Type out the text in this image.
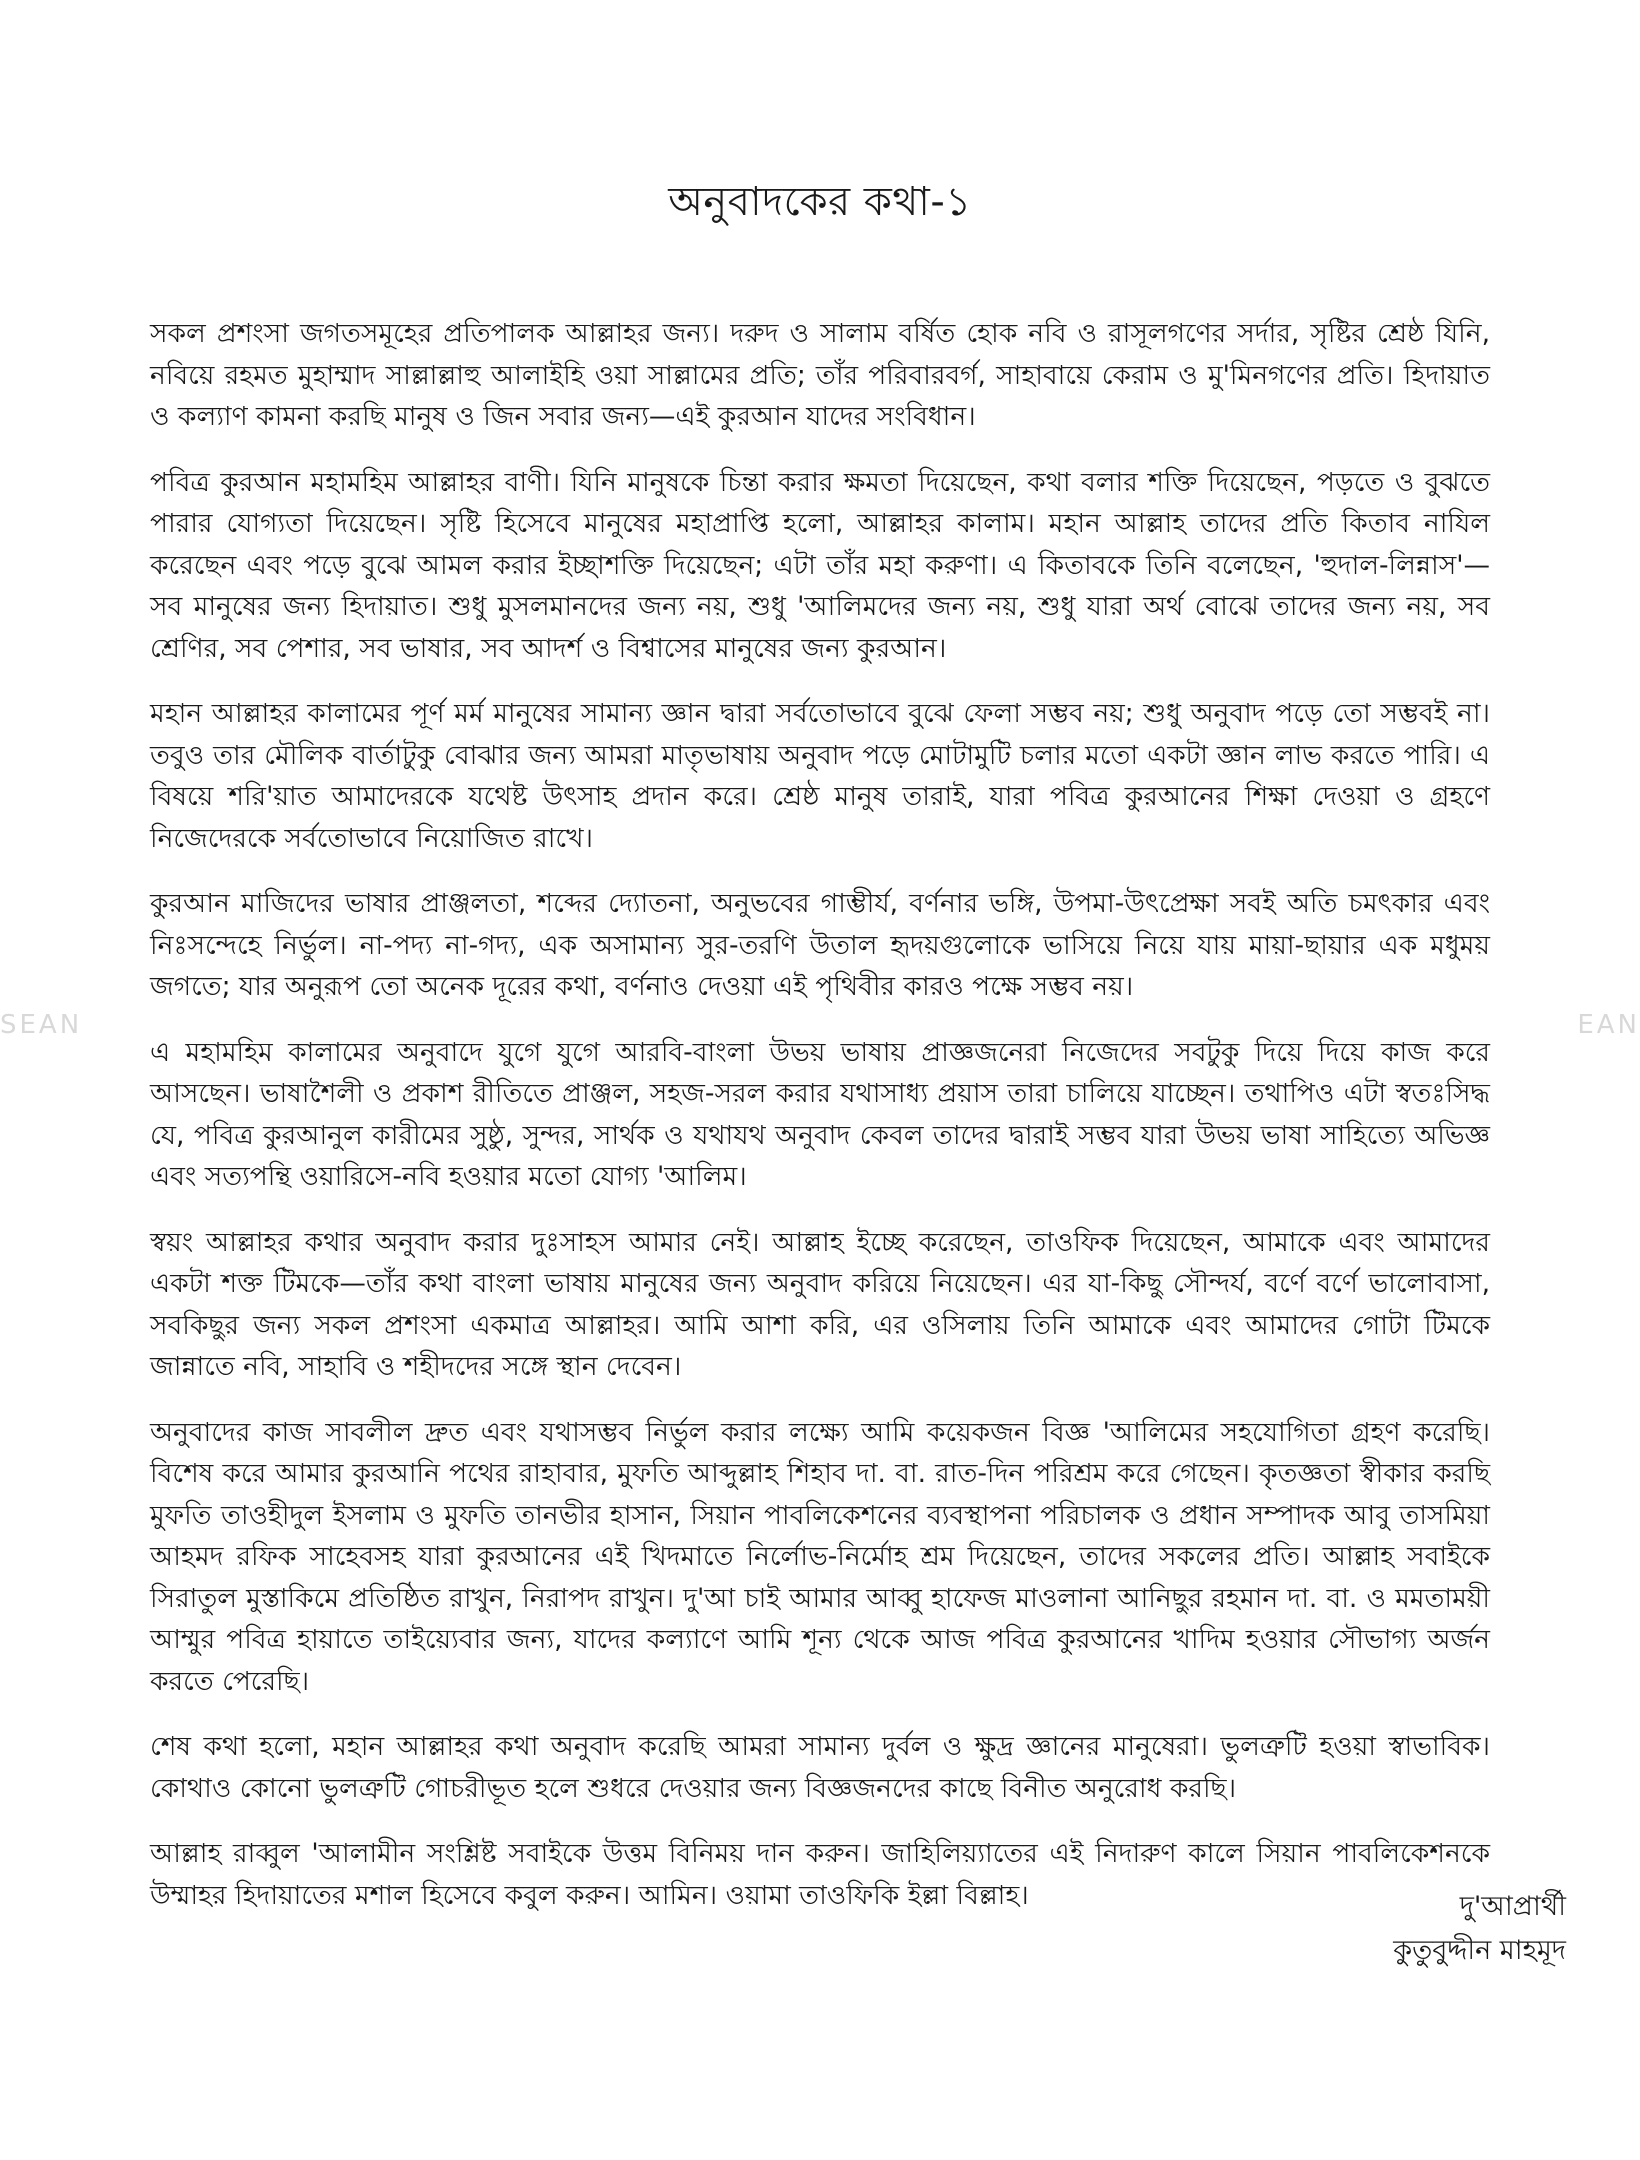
SEAN	EAN
অনুবাদকের কথা-১

সকল প্রশংসা জগতসমূহের প্রতিপালক আল্লাহর জন্য। দরুদ ও সালাম বর্ষিত হোক নবি ও রাসূলগণের সর্দার, সৃষ্টির শ্রেষ্ঠ যিনি, নবিয়ে রহমত মুহাম্মাদ সাল্লাল্লাহু আলাইহি ওয়া সাল্লামের প্রতি; তাঁর পরিবারবর্গ, সাহাবায়ে কেরাম ও মু'মিনগণের প্রতি। হিদায়াত ও কল্যাণ কামনা করছি মানুষ ও জিন সবার জন্য—এই কুরআন যাদের সংবিধান।

পবিত্র কুরআন মহামহিম আল্লাহর বাণী। যিনি মানুষকে চিন্তা করার ক্ষমতা দিয়েছেন, কথা বলার শক্তি দিয়েছেন, পড়তে ও বুঝতে পারার যোগ্যতা দিয়েছেন। সৃষ্টি হিসেবে মানুষের মহাপ্রাপ্তি হলো, আল্লাহর কালাম। মহান আল্লাহ তাদের প্রতি কিতাব নাযিল করেছেন এবং পড়ে বুঝে আমল করার ইচ্ছাশক্তি দিয়েছেন; এটা তাঁর মহা করুণা। এ কিতাবকে তিনি বলেছেন, 'হুদাল-লিন্নাস'—সব মানুষের জন্য হিদায়াত। শুধু মুসলমানদের জন্য নয়, শুধু 'আলিমদের জন্য নয়, শুধু যারা অর্থ বোঝে তাদের জন্য নয়, সব শ্রেণির, সব পেশার, সব ভাষার, সব আদর্শ ও বিশ্বাসের মানুষের জন্য কুরআন।

মহান আল্লাহর কালামের পূর্ণ মর্ম মানুষের সামান্য জ্ঞান দ্বারা সর্বতোভাবে বুঝে ফেলা সম্ভব নয়; শুধু অনুবাদ পড়ে তো সম্ভবই না। তবুও তার মৌলিক বার্তাটুকু বোঝার জন্য আমরা মাতৃভাষায় অনুবাদ পড়ে মোটামুটি চলার মতো একটা জ্ঞান লাভ করতে পারি। এ বিষয়ে শরি'য়াত আমাদেরকে যথেষ্ট উৎসাহ প্রদান করে। শ্রেষ্ঠ মানুষ তারাই, যারা পবিত্র কুরআনের শিক্ষা দেওয়া ও গ্রহণে নিজেদেরকে সর্বতোভাবে নিয়োজিত রাখে।

কুরআন মাজিদের ভাষার প্রাঞ্জলতা, শব্দের দ্যোতনা, অনুভবের গাম্ভীর্য, বর্ণনার ভঙ্গি, উপমা-উৎপ্রেক্ষা সবই অতি চমৎকার এবং নিঃসন্দেহে নির্ভুল। না-পদ্য না-গদ্য, এক অসামান্য সুর-তরণি উতাল হৃদয়গুলোকে ভাসিয়ে নিয়ে যায় মায়া-ছায়ার এক মধুময় জগতে; যার অনুরূপ তো অনেক দূরের কথা, বর্ণনাও দেওয়া এই পৃথিবীর কারও পক্ষে সম্ভব নয়।

এ মহামহিম কালামের অনুবাদে যুগে যুগে আরবি-বাংলা উভয় ভাষায় প্রাজ্ঞজনেরা নিজেদের সবটুকু দিয়ে দিয়ে কাজ করে আসছেন। ভাষাশৈলী ও প্রকাশ রীতিতে প্রাঞ্জল, সহজ-সরল করার যথাসাধ্য প্রয়াস তারা চালিয়ে যাচ্ছেন। তথাপিও এটা স্বতঃসিদ্ধ যে, পবিত্র কুরআনুল কারীমের সুষ্ঠু, সুন্দর, সার্থক ও যথাযথ অনুবাদ কেবল তাদের দ্বারাই সম্ভব যারা উভয় ভাষা সাহিত্যে অভিজ্ঞ এবং সত্যপন্থি ওয়ারিসে-নবি হওয়ার মতো যোগ্য 'আলিম।

স্বয়ং আল্লাহর কথার অনুবাদ করার দুঃসাহস আমার নেই। আল্লাহ ইচ্ছে করেছেন, তাওফিক দিয়েছেন, আমাকে এবং আমাদের একটা শক্ত টিমকে—তাঁর কথা বাংলা ভাষায় মানুষের জন্য অনুবাদ করিয়ে নিয়েছেন। এর যা-কিছু সৌন্দর্য, বর্ণে বর্ণে ভালোবাসা, সবকিছুর জন্য সকল প্রশংসা একমাত্র আল্লাহর। আমি আশা করি, এর ওসিলায় তিনি আমাকে এবং আমাদের গোটা টিমকে জান্নাতে নবি, সাহাবি ও শহীদদের সঙ্গে স্থান দেবেন।

অনুবাদের কাজ সাবলীল দ্রুত এবং যথাসম্ভব নির্ভুল করার লক্ষ্যে আমি কয়েকজন বিজ্ঞ 'আলিমের সহযোগিতা গ্রহণ করেছি। বিশেষ করে আমার কুরআনি পথের রাহাবার, মুফতি আব্দুল্লাহ শিহাব দা. বা. রাত-দিন পরিশ্রম করে গেছেন। কৃতজ্ঞতা স্বীকার করছি মুফতি তাওহীদুল ইসলাম ও মুফতি তানভীর হাসান, সিয়ান পাবলিকেশনের ব্যবস্থাপনা পরিচালক ও প্রধান সম্পাদক আবু তাসমিয়া আহমদ রফিক সাহেবসহ যারা কুরআনের এই খিদমাতে নির্লোভ-নির্মোহ শ্রম দিয়েছেন, তাদের সকলের প্রতি। আল্লাহ সবাইকে সিরাতুল মুস্তাকিমে প্রতিষ্ঠিত রাখুন, নিরাপদ রাখুন। দু'আ চাই আমার আব্বু হাফেজ মাওলানা আনিছুর রহমান দা. বা. ও মমতাময়ী আম্মুর পবিত্র হায়াতে তাইয়্যেবার জন্য, যাদের কল্যাণে আমি শূন্য থেকে আজ পবিত্র কুরআনের খাদিম হওয়ার সৌভাগ্য অর্জন করতে পেরেছি।

শেষ কথা হলো, মহান আল্লাহর কথা অনুবাদ করেছি আমরা সামান্য দুর্বল ও ক্ষুদ্র জ্ঞানের মানুষেরা। ভুলত্রুটি হওয়া স্বাভাবিক। কোথাও কোনো ভুলত্রুটি গোচরীভূত হলে শুধরে দেওয়ার জন্য বিজ্ঞজনদের কাছে বিনীত অনুরোধ করছি।

আল্লাহ রাব্বুল 'আলামীন সংশ্লিষ্ট সবাইকে উত্তম বিনিময় দান করুন। জাহিলিয়্যাতের এই নিদারুণ কালে সিয়ান পাবলিকেশনকে উম্মাহর হিদায়াতের মশাল হিসেবে কবুল করুন। আমিন। ওয়ামা তাওফিকি ইল্লা বিল্লাহ।	দু'আপ্রার্থী
কুতুবুদ্দীন মাহমূদ
